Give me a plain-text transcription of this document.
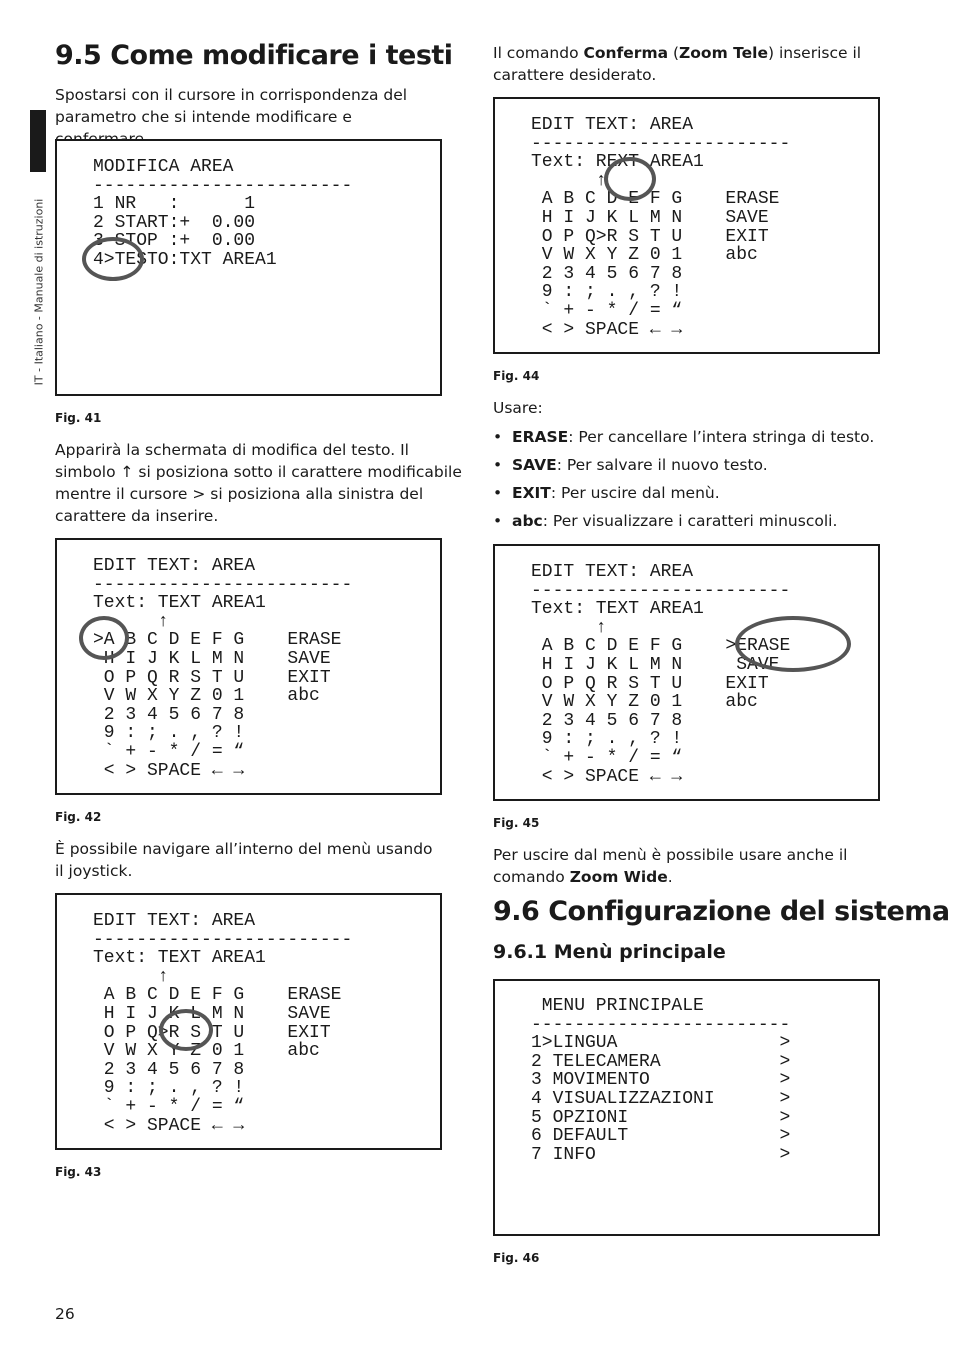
IT - Italiano - Manuale di istruzioni
9.5 Come modificare i testi

Spostarsi con il cursore in corrispondenza del parametro che si intende modificare e

MODIFICA AREA
------------------------
1 NR   :      1
2 START:+  0.00
3 STOP :+  0.00
4>TESTO:TXT AREA1
Fig. 41

Apparirà la schermata di modifica del testo. Il simbolo ↑ si posiziona sotto il carattere modificabile mentre il cursore > si posiziona alla sinistra del carattere da inserire.

EDIT TEXT: AREA
------------------------
Text: TEXT AREA1
↑
>A B C D E F G    ERASE
H I J K L M N    SAVE
O P Q R S T U    EXIT
V W X Y Z 0 1    abc
2 3 4 5 6 7 8
9 : ; . , ? !
` + - * / = “
< > SPACE ← →
Fig. 42

È possibile navigare all’interno del menù usando il joystick.

EDIT TEXT: AREA
------------------------
Text: TEXT AREA1
↑
A B C D E F G    ERASE
H I J K L M N    SAVE
O P Q>R S T U    EXIT
V W X Y Z 0 1    abc
2 3 4 5 6 7 8
9 : ; . , ? !
` + - * / = “
< > SPACE ← →
Fig. 43
26

Il comando Conferma (Zoom Tele) inserisce il carattere desiderato.

EDIT TEXT: AREA
------------------------
Text: REXT AREA1
↑
A B C D E F G    ERASE
H I J K L M N    SAVE
O P Q>R S T U    EXIT
V W X Y Z 0 1    abc
2 3 4 5 6 7 8
9 : ; . , ? !
` + - * / = “
< > SPACE ← →
Fig. 44

Usare:

• ERASE: Per cancellare l’intera stringa di testo.
• SAVE: Per salvare il nuovo testo.
• EXIT: Per uscire dal menù.
• abc: Per visualizzare i caratteri minuscoli.
EDIT TEXT: AREA
------------------------
Text: TEXT AREA1
↑
A B C D E F G    >ERASE
H I J K L M N     SAVE
O P Q R S T U    EXIT
V W X Y Z 0 1    abc
2 3 4 5 6 7 8
9 : ; . , ? !
` + - * / = “
< > SPACE ← →
Fig. 45

Per uscire dal menù è possibile usare anche il comando Zoom Wide.

9.6 Configurazione del sistema
9.6.1 Menù principale
MENU PRINCIPALE
------------------------
1>LINGUA               >
2 TELECAMERA           >
3 MOVIMENTO            >
4 VISUALIZZAZIONI      >
5 OPZIONI              >
6 DEFAULT              >
7 INFO                 >
Fig. 46
